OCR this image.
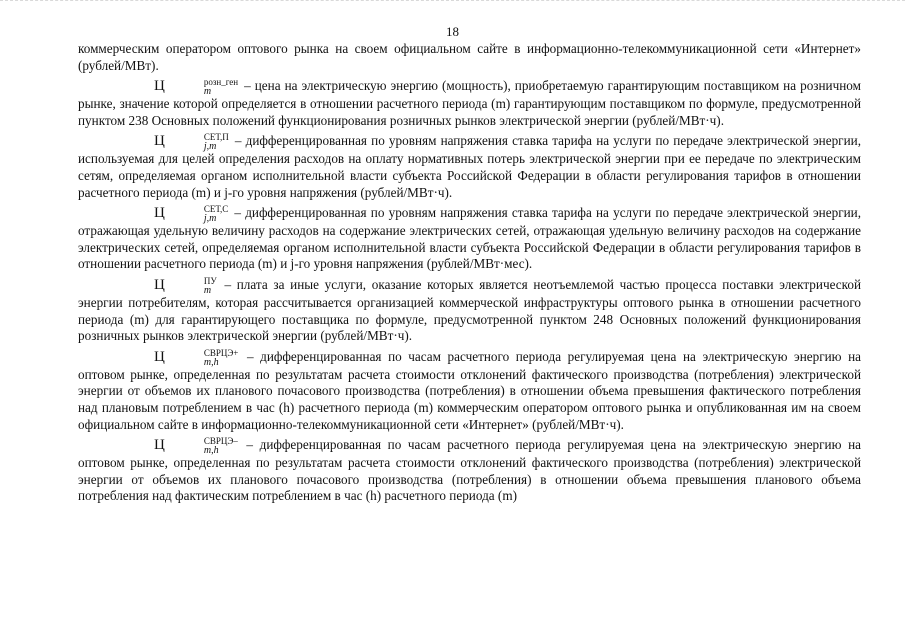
18

коммерческим оператором оптового рынка на своем официальном сайте в информационно-телекоммуникационной сети «Интернет» (рублей/МВт).

Ц	розн_ген
m	– цена на электрическую энергию (мощность), приобретаемую гарантирующим поставщиком на розничном рынке, значение которой определяется в отношении расчетного периода (m) гарантирующим поставщиком по формуле, предусмотренной пунктом 238 Основных положений функционирования розничных рынков электрической энергии (рублей/МВт·ч).

Ц	СЕТ,П
j,m	– дифференцированная по уровням напряжения ставка тарифа на услуги по передаче электрической энергии, используемая для целей определения расходов на оплату нормативных потерь электрической энергии при ее передаче по электрическим сетям, определяемая органом исполнительной власти субъекта Российской Федерации в области регулирования тарифов в отношении расчетного периода (m) и j-го уровня напряжения (рублей/МВт·ч).

Ц	СЕТ,С
j,m	– дифференцированная по уровням напряжения ставка тарифа на услуги по передаче электрической энергии, отражающая удельную величину расходов на содержание электрических сетей, отражающая удельную величину расходов на содержание электрических сетей, определяемая органом исполнительной власти субъекта Российской Федерации в области регулирования тарифов в отношении расчетного периода (m) и j-го уровня напряжения (рублей/МВт·мес).

Ц	ПУ
m	– плата за иные услуги, оказание которых является неотъемлемой частью процесса поставки электрической энергии потребителям, которая рассчитывается организацией коммерческой инфраструктуры оптового рынка в отношении расчетного периода (m) для гарантирующего поставщика по формуле, предусмотренной пунктом 248 Основных положений функционирования розничных рынков электрической энергии (рублей/МВт·ч).

Ц	СВРЦЭ+
m,h	– дифференцированная по часам расчетного периода регулируемая цена на электрическую энергию на оптовом рынке, определенная по результатам расчета стоимости отклонений фактического производства (потребления) электрической энергии от объемов их планового почасового производства (потребления) в отношении объема превышения фактического потребления над плановым потреблением в час (h) расчетного периода (m) коммерческим оператором оптового рынка и опубликованная им на своем официальном сайте в информационно-телекоммуникационной сети «Интернет» (рублей/МВт·ч).

Ц	СВРЦЭ–
m,h	– дифференцированная по часам расчетного периода регулируемая цена на электрическую энергию на оптовом рынке, определенная по результатам расчета стоимости отклонений фактического производства (потребления) электрической энергии от объемов их планового почасового производства (потребления) в отношении объема превышения планового объема потребления над фактическим потреблением в час (h) расчетного периода (m)
